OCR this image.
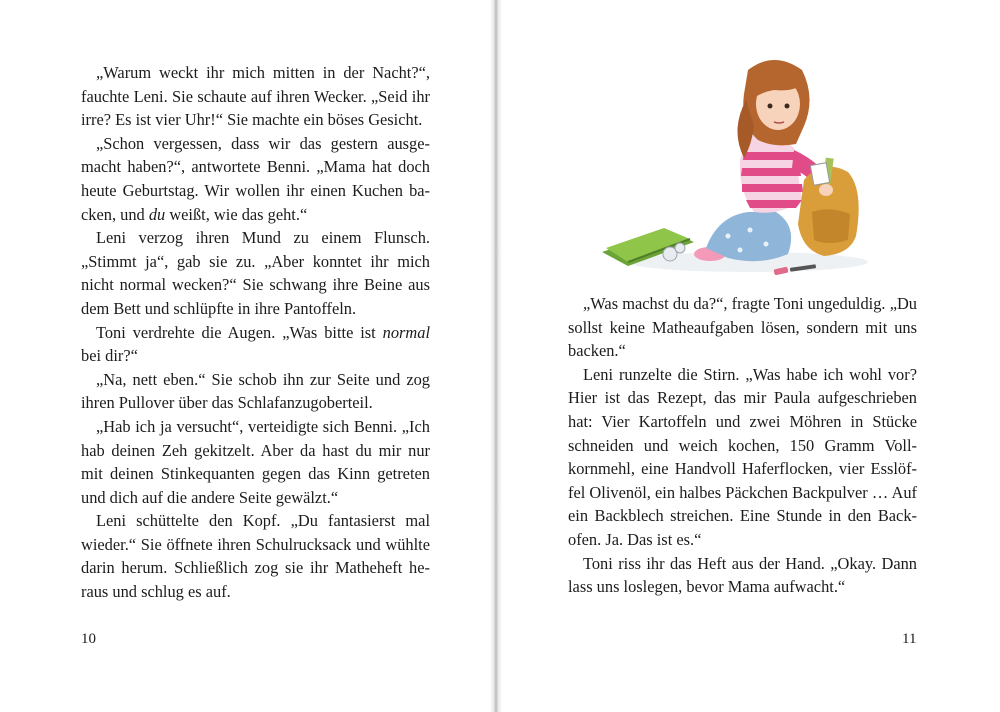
„Warum weckt ihr mich mitten in der Nacht?“,
fauchte Leni. Sie schaute auf ihren Wecker. „Seid ihr
irre? Es ist vier Uhr!“ Sie machte ein böses Gesicht.
„Schon vergessen, dass wir das gestern ausge-
macht haben?“, antwortete Benni. „Mama hat doch
heute Geburtstag. Wir wollen ihr einen Kuchen ba-
cken, und du weißt, wie das geht.“
Leni verzog ihren Mund zu einem Flunsch.
„Stimmt ja“, gab sie zu. „Aber konntet ihr mich
nicht normal wecken?“ Sie schwang ihre Beine aus
dem Bett und schlüpfte in ihre Pantoffeln.
Toni verdrehte die Augen. „Was bitte ist normal
bei dir?“
„Na, nett eben.“ Sie schob ihn zur Seite und zog
ihren Pullover über das Schlafanzugoberteil.
„Hab ich ja versucht“, verteidigte sich Benni. „Ich
hab deinen Zeh gekitzelt. Aber da hast du mir nur
mit deinen Stinkequanten gegen das Kinn getreten
und dich auf die andere Seite gewälzt.“
Leni schüttelte den Kopf. „Du fantasierst mal
wieder.“ Sie öffnete ihren Schulrucksack und wühlte
darin herum. Schließlich zog sie ihr Matheheft he-
raus und schlug es auf.
10
„Was machst du da?“, fragte Toni ungeduldig. „Du
sollst keine Matheaufgaben lösen, sondern mit uns
backen.“
Leni runzelte die Stirn. „Was habe ich wohl vor?
Hier ist das Rezept, das mir Paula aufgeschrieben
hat: Vier Kartoffeln und zwei Möhren in Stücke
schneiden und weich kochen, 150 Gramm Voll-
kornmehl, eine Handvoll Haferflocken, vier Esslöf-
fel Olivenöl, ein halbes Päckchen Backpulver … Auf
ein Backblech streichen. Eine Stunde in den Back-
ofen. Ja. Das ist es.“
Toni riss ihr das Heft aus der Hand. „Okay. Dann
lass uns loslegen, bevor Mama aufwacht.“
11
